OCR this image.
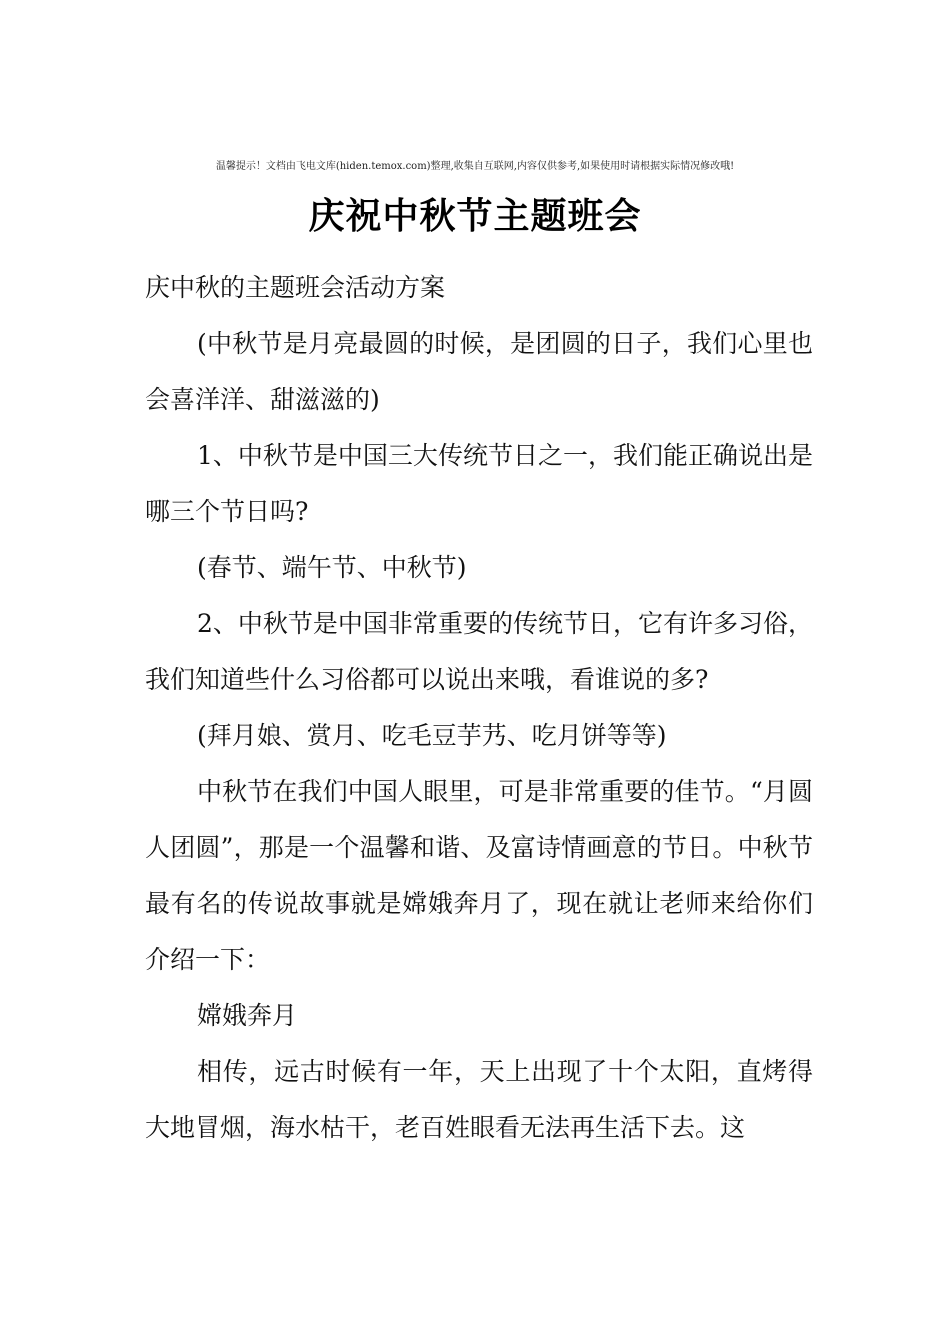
温馨提示！文档由飞电文库(hiden.temox.com)整理,收集自互联网,内容仅供参考,如果使用时请根据实际情况修改哦!
庆祝中秋节主题班会

庆中秋的主题班会活动方案

(中秋节是月亮最圆的时候，是团圆的日子，我们心里也会喜洋洋、甜滋滋的)

1、中秋节是中国三大传统节日之一，我们能正确说出是哪三个节日吗?

(春节、端午节、中秋节)

2、中秋节是中国非常重要的传统节日，它有许多习俗，我们知道些什么习俗都可以说出来哦，看谁说的多?

(拜月娘、赏月、吃毛豆芋艿、吃月饼等等)

中秋节在我们中国人眼里，可是非常重要的佳节。“月圆人团圆”，那是一个温馨和谐、及富诗情画意的节日。中秋节最有名的传说故事就是嫦娥奔月了，现在就让老师来给你们介绍一下：

嫦娥奔月

相传，远古时候有一年，天上出现了十个太阳，直烤得大地冒烟，海水枯干，老百姓眼看无法再生活下去。这
